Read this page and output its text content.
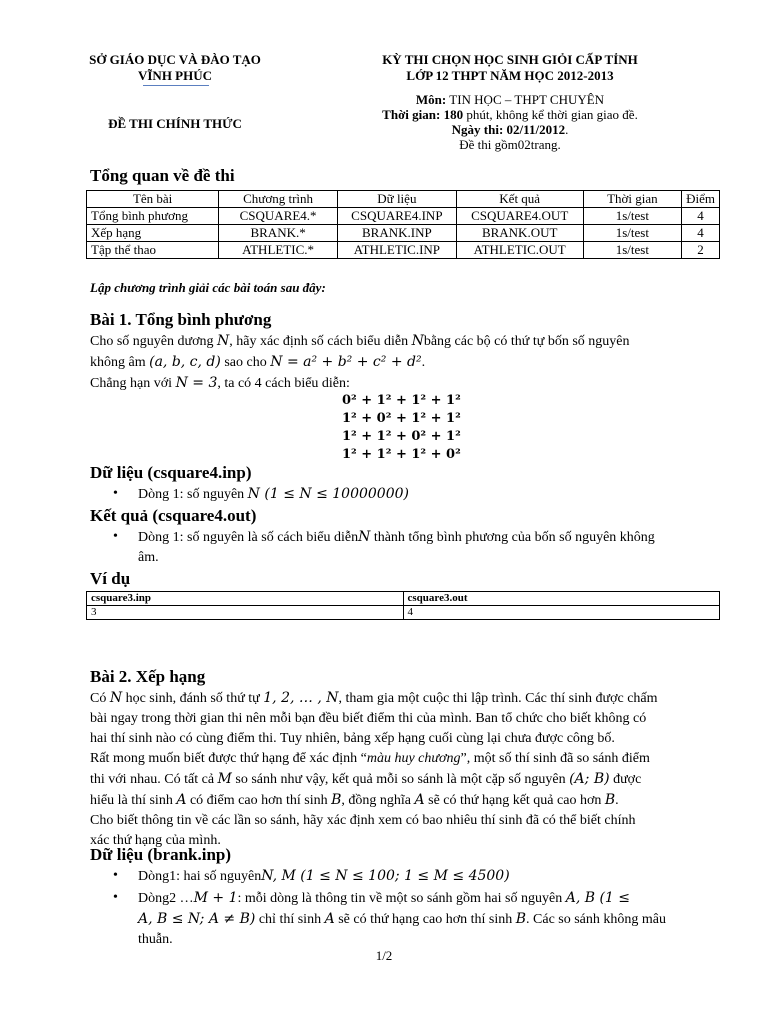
SỞ GIÁO DỤC VÀ ĐÀO TẠO
VĨNH PHÚC
ĐỀ THI CHÍNH THỨC
KỲ THI CHỌN HỌC SINH GIỎI CẤP TỈNH
LỚP 12 THPT NĂM HỌC 2012-2013
Môn: TIN HỌC – THPT CHUYÊN
Thời gian: 180 phút, không kể thời gian giao đề.
Ngày thi: 02/11/2012.
Đề thi gồm02trang.
Tổng quan về đề thi
Tên bài	Chương trình	Dữ liệu	Kết quả	Thời gian	Điểm
Tổng bình phương	CSQUARE4.*	CSQUARE4.INP	CSQUARE4.OUT	1s/test	4
Xếp hạng	BRANK.*	BRANK.INP	BRANK.OUT	1s/test	4
Tập thể thao	ATHLETIC.*	ATHLETIC.INP	ATHLETIC.OUT	1s/test	2
Lập chương trình giải các bài toán sau đây:
Bài 1. Tổng bình phương
Cho số nguyên dương N, hãy xác định số cách biểu diễn Nbằng các bộ có thứ tự bốn số nguyên
không âm (a, b, c, d) sao cho N = a² + b² + c² + d².
Chẳng hạn với N = 3, ta có 4 cách biểu diễn:
0² + 1² + 1² + 1²
1² + 0² + 1² + 1²
1² + 1² + 0² + 1²
1² + 1² + 1² + 0²
Dữ liệu (csquare4.inp)
• Dòng 1: số nguyên N (1 ≤ N ≤ 10000000)
Kết quả (csquare4.out)
• Dòng 1: số nguyên là số cách biểu diễnN thành tổng bình phương của bốn số nguyên không
âm.
Ví dụ
csquare3.inp	csquare3.out
3	4
Bài 2. Xếp hạng
Có N học sinh, đánh số thứ tự 1, 2, … , N, tham gia một cuộc thi lập trình. Các thí sinh được chấm
bài ngay trong thời gian thi nên mỗi bạn đều biết điểm thi của mình. Ban tổ chức cho biết không có
hai thí sinh nào có cùng điểm thi. Tuy nhiên, bảng xếp hạng cuối cùng lại chưa được công bố.
Rất mong muốn biết được thứ hạng để xác định “màu huy chương”, một số thí sinh đã so sánh điểm
thi với nhau. Có tất cả M so sánh như vậy, kết quả mỗi so sánh là một cặp số nguyên (A; B) được
hiểu là thí sinh A có điểm cao hơn thí sinh B, đồng nghĩa A sẽ có thứ hạng kết quả cao hơn B.
Cho biết thông tin về các lần so sánh, hãy xác định xem có bao nhiêu thí sinh đã có thể biết chính
xác thứ hạng của mình.
Dữ liệu (brank.inp)
• Dòng1: hai số nguyênN, M (1 ≤ N ≤ 100; 1 ≤ M ≤ 4500)
• Dòng2 …M + 1: mỗi dòng là thông tin về một so sánh gồm hai số nguyên A, B (1 ≤
A, B ≤ N; A ≠ B) chỉ thí sinh A sẽ có thứ hạng cao hơn thí sinh B. Các so sánh không mâu
thuẫn.
1/2
